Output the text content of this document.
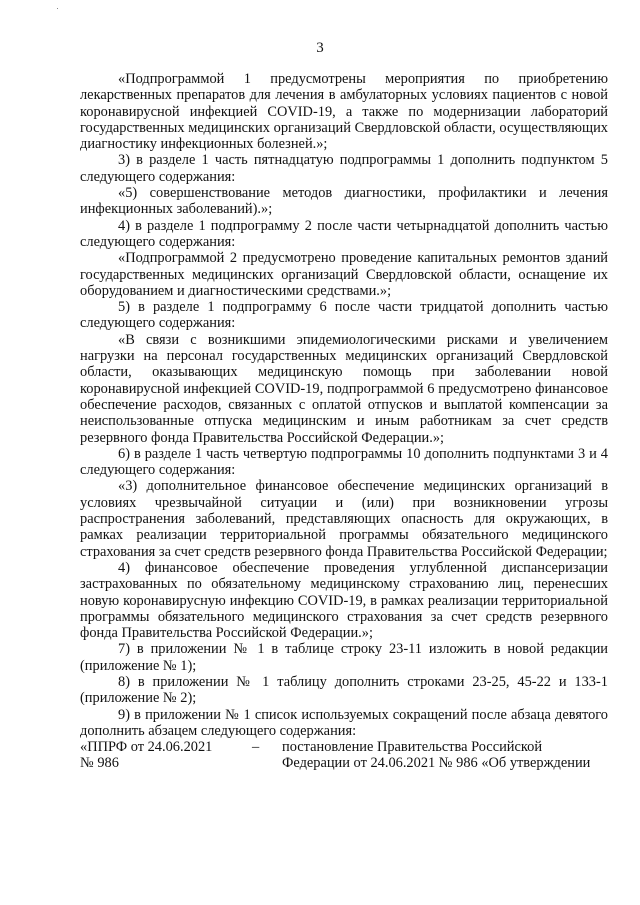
3

«Подпрограммой 1 предусмотрены мероприятия по приобретению лекарственных препаратов для лечения в амбулаторных условиях пациентов с новой коронавирусной инфекцией COVID-19, а также по модернизации лабораторий государственных медицинских организаций Свердловской области, осуществляющих диагностику инфекционных болезней.»;

3) в разделе 1 часть пятнадцатую подпрограммы 1 дополнить подпунктом 5 следующего содержания:

«5) совершенствование методов диагностики, профилактики и лечения инфекционных заболеваний).»;

4) в разделе 1 подпрограмму 2 после части четырнадцатой дополнить частью следующего содержания:

«Подпрограммой 2 предусмотрено проведение капитальных ремонтов зданий государственных медицинских организаций Свердловской области, оснащение их оборудованием и диагностическими средствами.»;

5) в разделе 1 подпрограмму 6 после части тридцатой дополнить частью следующего содержания:

«В связи с возникшими эпидемиологическими рисками и увеличением нагрузки на персонал государственных медицинских организаций Свердловской области, оказывающих медицинскую помощь при заболевании новой коронавирусной инфекцией COVID-19, подпрограммой 6 предусмотрено финансовое обеспечение расходов, связанных с оплатой отпусков и выплатой компенсации за неиспользованные отпуска медицинским и иным работникам за счет средств резервного фонда Правительства Российской Федерации.»;

6) в разделе 1 часть четвертую подпрограммы 10 дополнить подпунктами 3 и 4 следующего содержания:

«3) дополнительное финансовое обеспечение медицинских организаций в условиях чрезвычайной ситуации и (или) при возникновении угрозы распространения заболеваний, представляющих опасность для окружающих, в рамках реализации территориальной программы обязательного медицинского страхования за счет средств резервного фонда Правительства Российской Федерации;

4) финансовое обеспечение проведения углубленной диспансеризации застрахованных по обязательному медицинскому страхованию лиц, перенесших новую коронавирусную инфекцию COVID-19, в рамках реализации территориальной программы обязательного медицинского страхования за счет средств резервного фонда Правительства Российской Федерации.»;

7) в приложении № 1 в таблице строку 23-11 изложить в новой редакции (приложение № 1);

8) в приложении № 1 таблицу дополнить строками 23-25, 45-22 и 133-1 (приложение № 2);

9) в приложении № 1 список используемых сокращений после абзаца девятого дополнить абзацем следующего содержания:

«ППРФ от 24.06.2021	–	постановление Правительства Российской
№ 986		Федерации от 24.06.2021 № 986 «Об утверждении
